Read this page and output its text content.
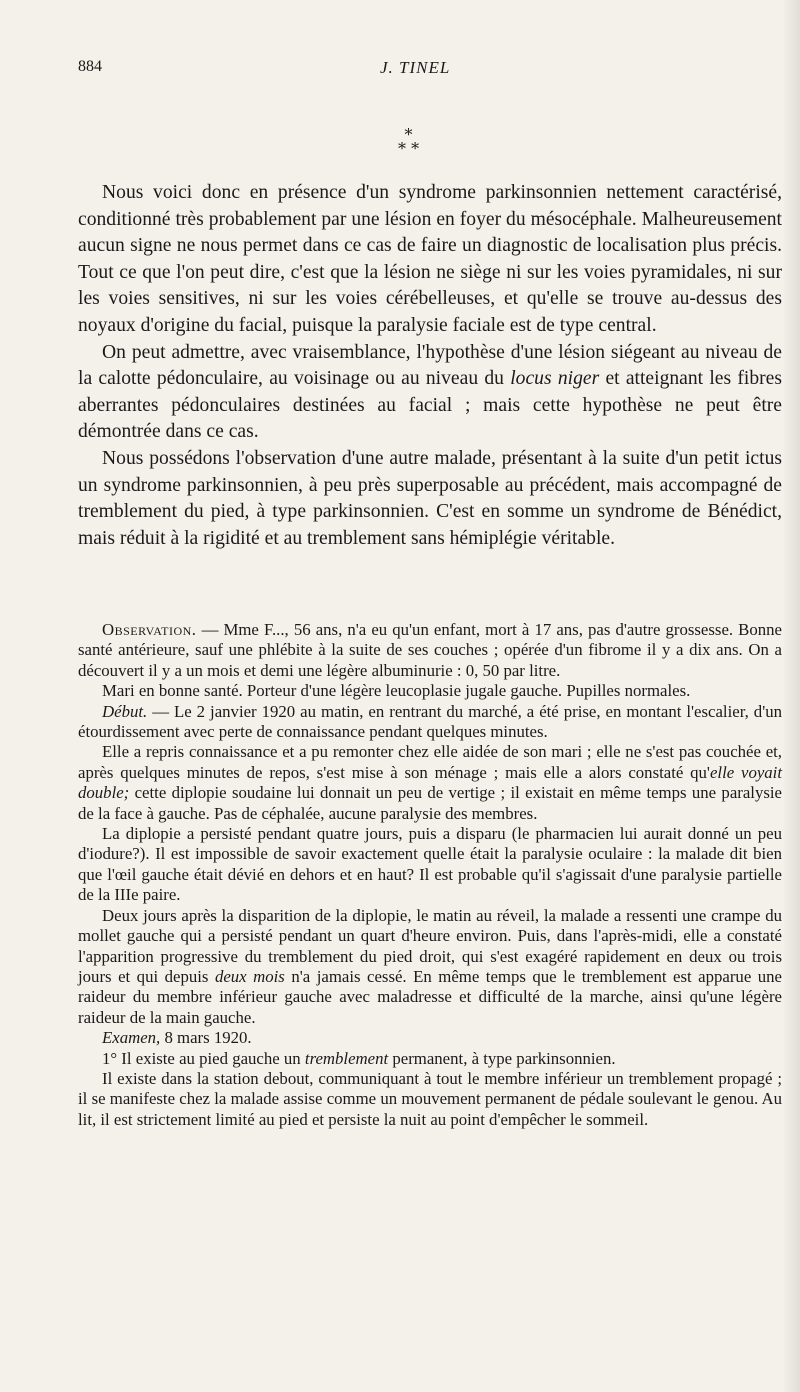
884	J. TINEL
*
* *

Nous voici donc en présence d'un syndrome parkinsonnien nettement caractérisé, conditionné très probablement par une lésion en foyer du mésocéphale. Malheureusement aucun signe ne nous permet dans ce cas de faire un diagnostic de localisation plus précis. Tout ce que l'on peut dire, c'est que la lésion ne siège ni sur les voies pyramidales, ni sur les voies sensitives, ni sur les voies cérébelleuses, et qu'elle se trouve au-dessus des noyaux d'origine du facial, puisque la paralysie faciale est de type central.

On peut admettre, avec vraisemblance, l'hypothèse d'une lésion siégeant au niveau de la calotte pédonculaire, au voisinage ou au niveau du locus niger et atteignant les fibres aberrantes pédonculaires destinées au facial ; mais cette hypothèse ne peut être démontrée dans ce cas.

Nous possédons l'observation d'une autre malade, présentant à la suite d'un petit ictus un syndrome parkinsonnien, à peu près superposable au précédent, mais accompagné de tremblement du pied, à type parkinsonnien. C'est en somme un syndrome de Bénédict, mais réduit à la rigidité et au tremblement sans hémiplégie véritable.

Observation. — Mme F..., 56 ans, n'a eu qu'un enfant, mort à 17 ans, pas d'autre grossesse. Bonne santé antérieure, sauf une phlébite à la suite de ses couches ; opérée d'un fibrome il y a dix ans. On a découvert il y a un mois et demi une légère albuminurie : 0, 50 par litre.

Mari en bonne santé. Porteur d'une légère leucoplasie jugale gauche. Pupilles normales.

Début. — Le 2 janvier 1920 au matin, en rentrant du marché, a été prise, en montant l'escalier, d'un étourdissement avec perte de connaissance pendant quelques minutes.

Elle a repris connaissance et a pu remonter chez elle aidée de son mari ; elle ne s'est pas couchée et, après quelques minutes de repos, s'est mise à son ménage ; mais elle a alors constaté qu'elle voyait double; cette diplopie soudaine lui donnait un peu de vertige ; il existait en même temps une paralysie de la face à gauche. Pas de céphalée, aucune paralysie des membres.

La diplopie a persisté pendant quatre jours, puis a disparu (le pharmacien lui aurait donné un peu d'iodure?). Il est impossible de savoir exactement quelle était la paralysie oculaire : la malade dit bien que l'œil gauche était dévié en dehors et en haut? Il est probable qu'il s'agissait d'une paralysie partielle de la IIIe paire.

Deux jours après la disparition de la diplopie, le matin au réveil, la malade a ressenti une crampe du mollet gauche qui a persisté pendant un quart d'heure environ. Puis, dans l'après-midi, elle a constaté l'apparition progressive du tremblement du pied droit, qui s'est exagéré rapidement en deux ou trois jours et qui depuis deux mois n'a jamais cessé. En même temps que le tremblement est apparue une raideur du membre inférieur gauche avec maladresse et difficulté de la marche, ainsi qu'une légère raideur de la main gauche.

Examen, 8 mars 1920.

1° Il existe au pied gauche un tremblement permanent, à type parkinsonnien.

Il existe dans la station debout, communiquant à tout le membre inférieur un tremblement propagé ; il se manifeste chez la malade assise comme un mouvement permanent de pédale soulevant le genou. Au lit, il est strictement limité au pied et persiste la nuit au point d'empêcher le sommeil.
